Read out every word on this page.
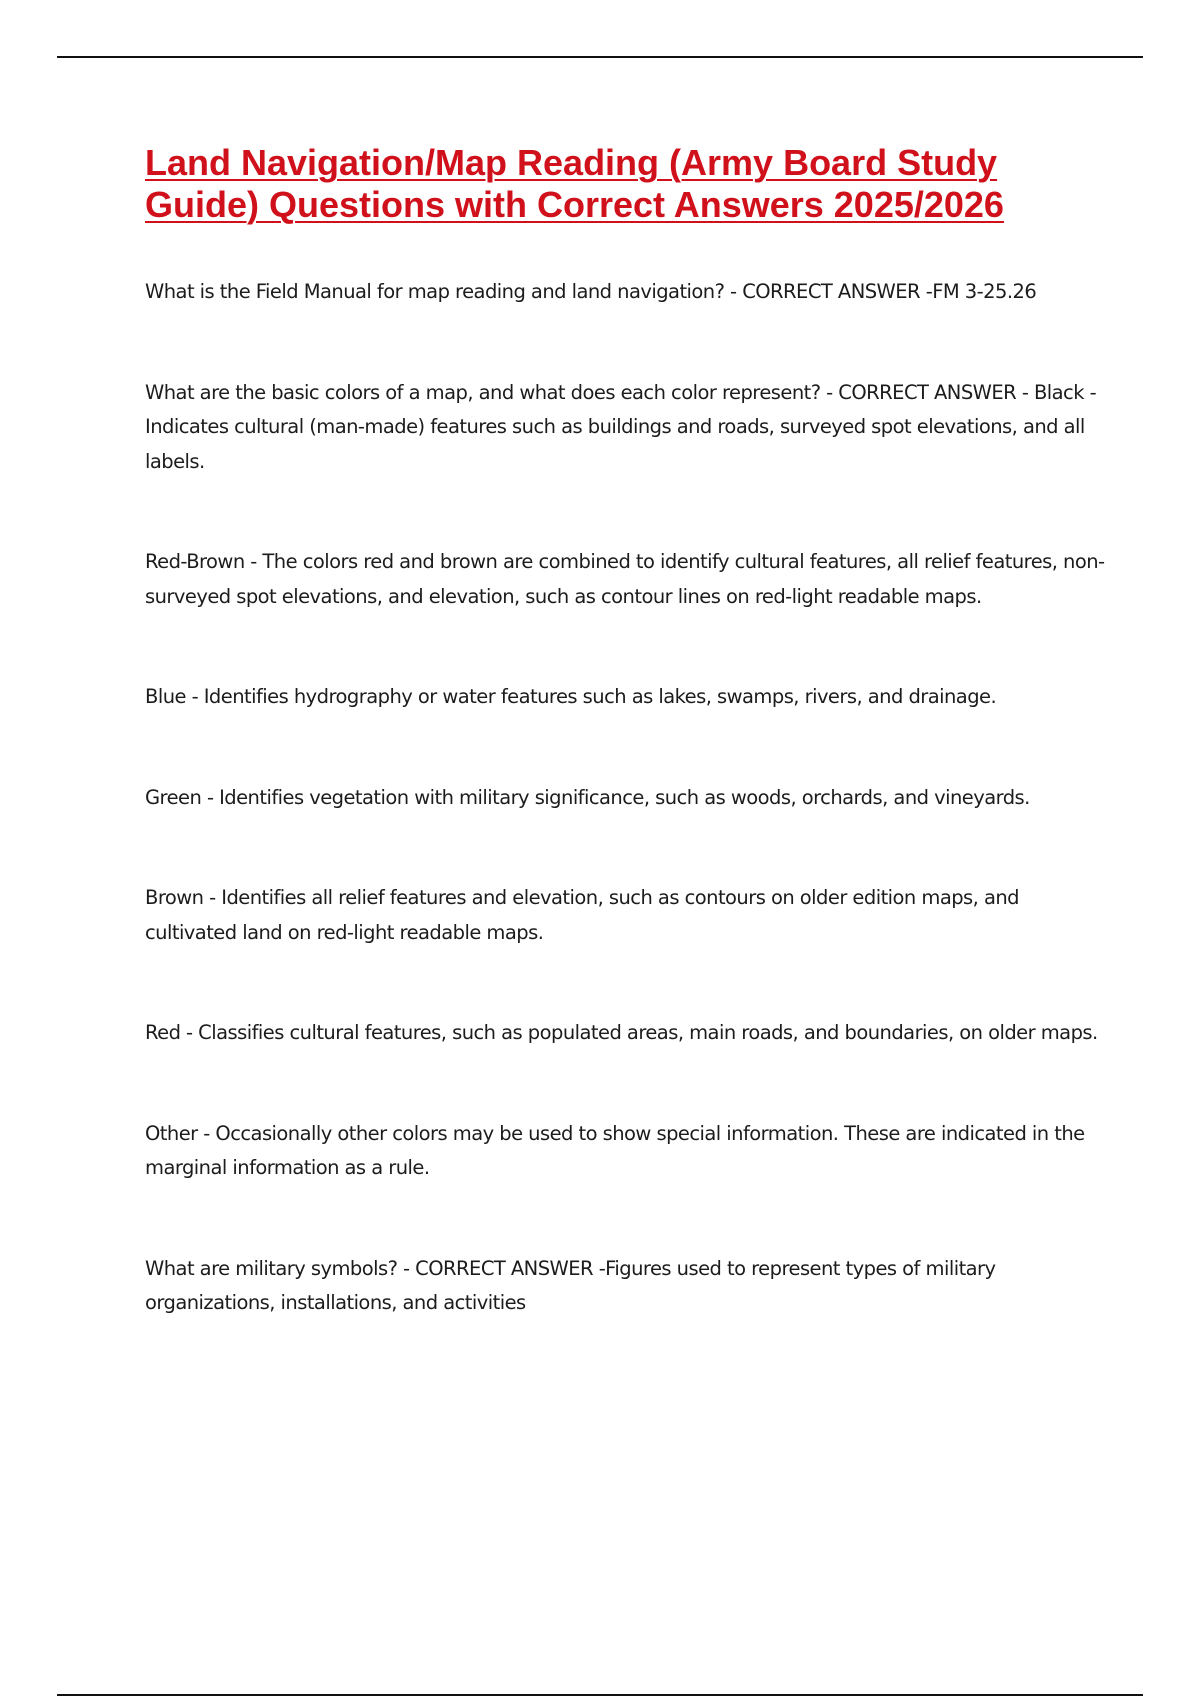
Land Navigation/Map Reading (Army Board Study Guide) Questions with Correct Answers 2025/2026

What is the Field Manual for map reading and land navigation? - CORRECT ANSWER -FM 3-25.26

What are the basic colors of a map, and what does each color represent? - CORRECT ANSWER - Black - Indicates cultural (man-made) features such as buildings and roads, surveyed spot elevations, and all labels.

Red-Brown - The colors red and brown are combined to identify cultural features, all relief features, non-surveyed spot elevations, and elevation, such as contour lines on red-light readable maps.

Blue - Identifies hydrography or water features such as lakes, swamps, rivers, and drainage.

Green - Identifies vegetation with military significance, such as woods, orchards, and vineyards.

Brown - Identifies all relief features and elevation, such as contours on older edition maps, and cultivated land on red-light readable maps.

Red - Classifies cultural features, such as populated areas, main roads, and boundaries, on older maps.

Other - Occasionally other colors may be used to show special information. These are indicated in the marginal information as a rule.

What are military symbols? - CORRECT ANSWER -Figures used to represent types of military organizations, installations, and activities
